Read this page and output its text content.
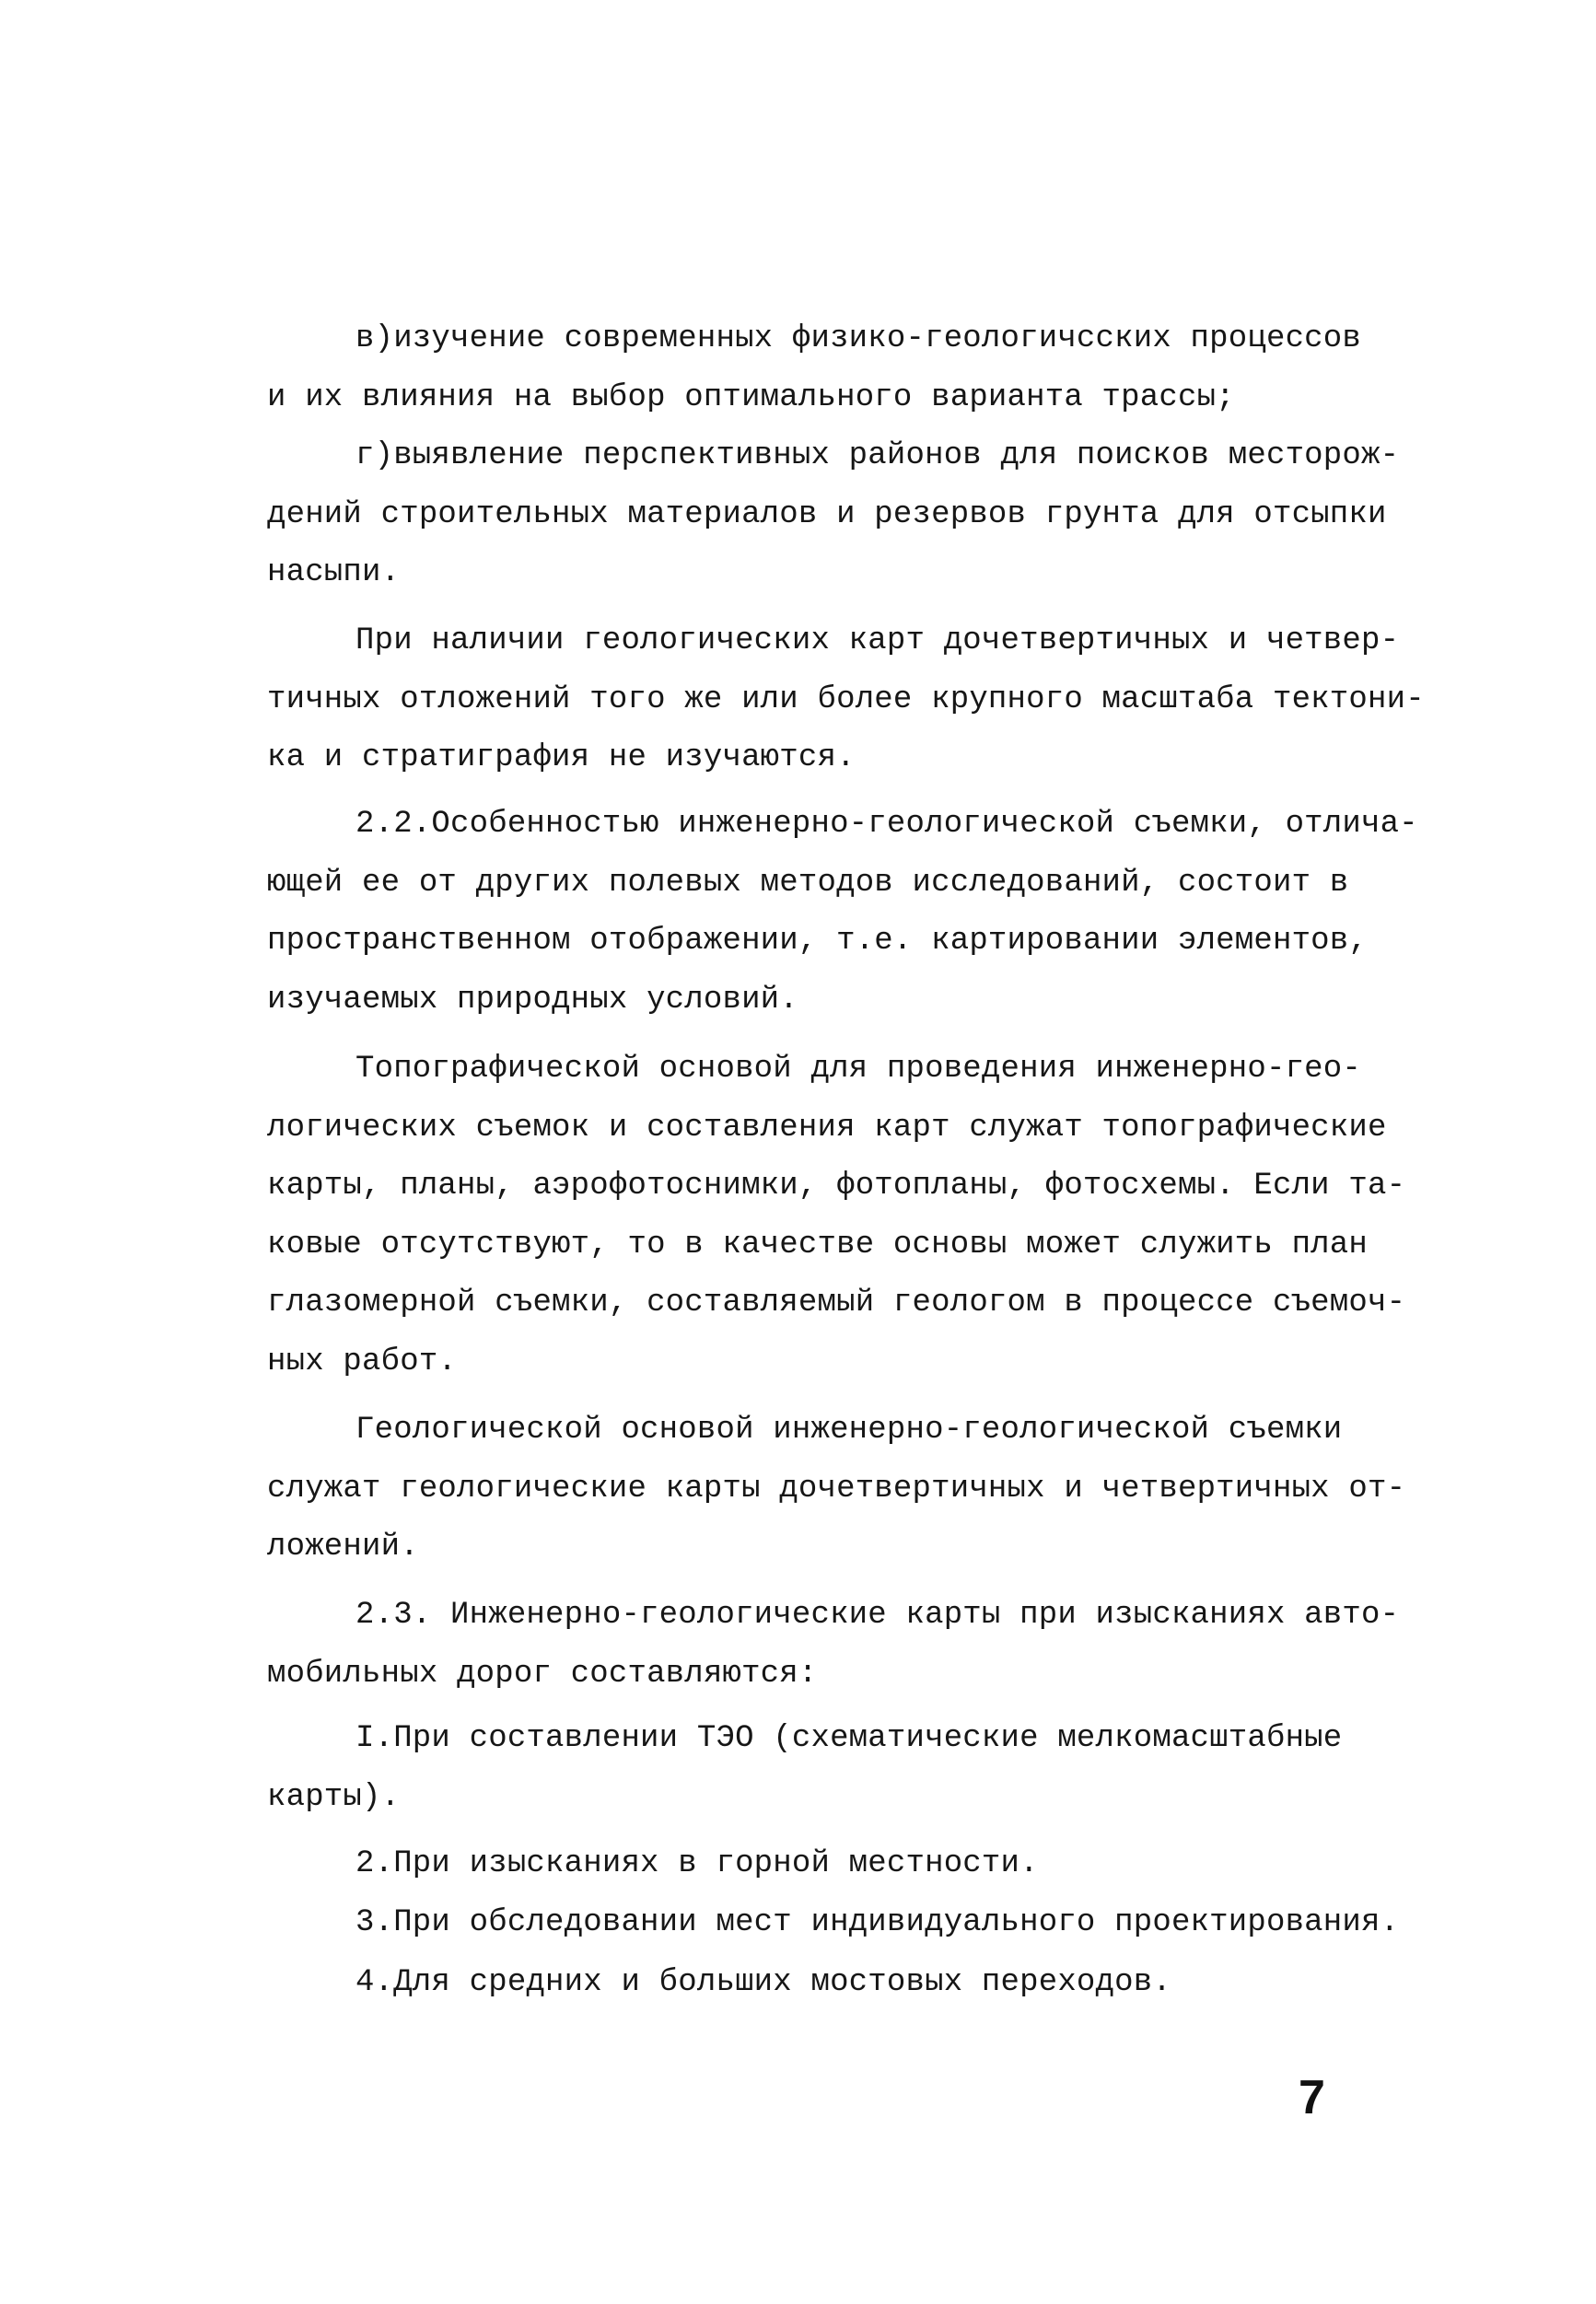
в)изучение современных физико-геологичсских процессов
и их влияния на выбор оптимального варианта трассы;
г)выявление перспективных районов для поисков месторож-
дений строительных материалов и резервов грунта для отсыпки
насыпи.
При наличии геологических карт дочетвертичных и четвер-
тичных отложений того же или более крупного масштаба тектони-
ка и стратиграфия не изучаются.
2.2.Особенностью инженерно-геологической съемки, отлича-
ющей ее от других полевых методов исследований, состоит в
пространственном отображении, т.е. картировании элементов,
изучаемых природных условий.
Топографической основой для проведения инженерно-гео-
логических съемок и составления карт служат топографические
карты, планы, аэрофотоснимки, фотопланы, фотосхемы. Если та-
ковые отсутствуют, то в качестве основы может служить план
глазомерной съемки, составляемый геологом в процессе съемоч-
ных работ.
Геологической основой инженерно-геологической съемки
служат геологические карты дочетвертичных и четвертичных от-
ложений.
2.3. Инженерно-геологические карты при изысканиях авто-
мобильных дорог составляются:
I.При составлении ТЭО (схематические мелкомасштабные
карты).
2.При изысканиях в горной местности.
3.При обследовании мест индивидуального проектирования.
4.Для средних и больших мостовых переходов.
7
